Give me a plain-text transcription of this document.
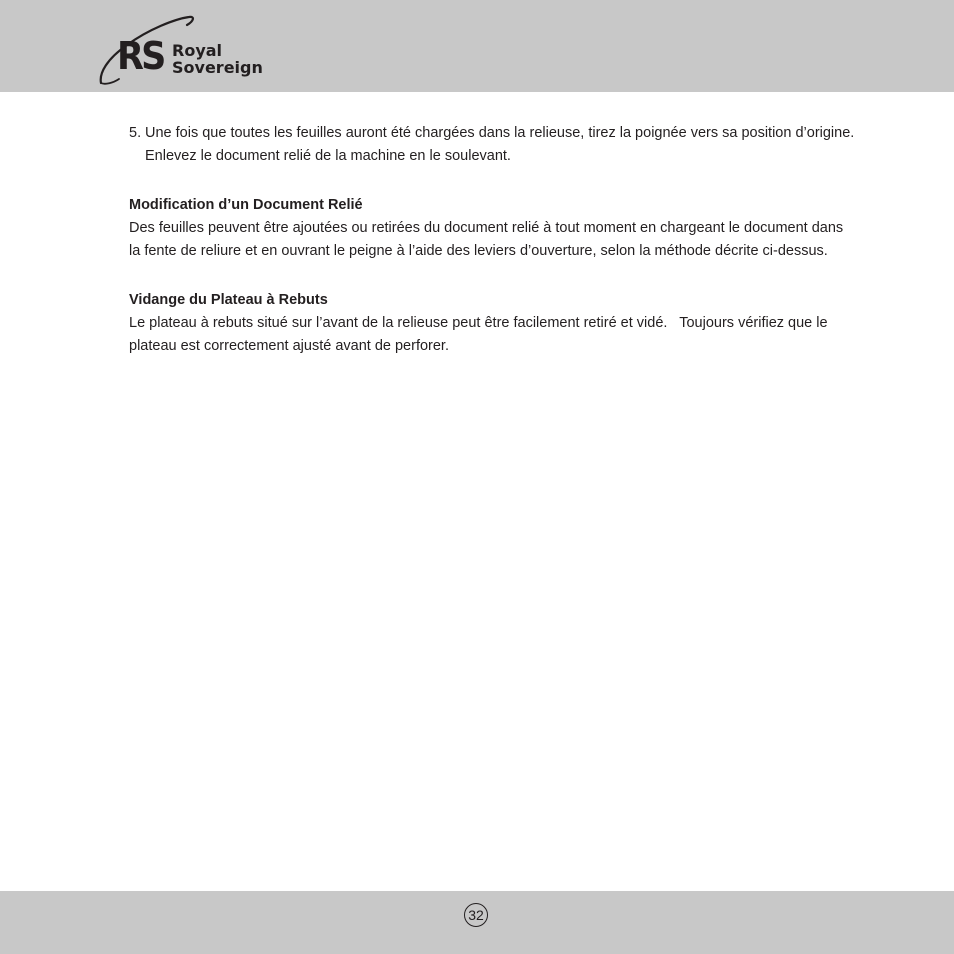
RS Royal
Sovereign

5. Une fois que toutes les feuilles auront été chargées dans la relieuse, tirez la poignée vers sa position d’origine. Enlevez le document relié de la machine en le soulevant.

Modification d’un Document Relié

Des feuilles peuvent être ajoutées ou retirées du document relié à tout moment en chargeant le document dans la fente de reliure et en ouvrant le peigne à l’aide des leviers d’ouverture, selon la méthode décrite ci-dessus.

Vidange du Plateau à Rebuts

Le plateau à rebuts situé sur l’avant de la relieuse peut être facilement retiré et vidé.   Toujours vérifiez que le plateau est correctement ajusté avant de perforer.

32
